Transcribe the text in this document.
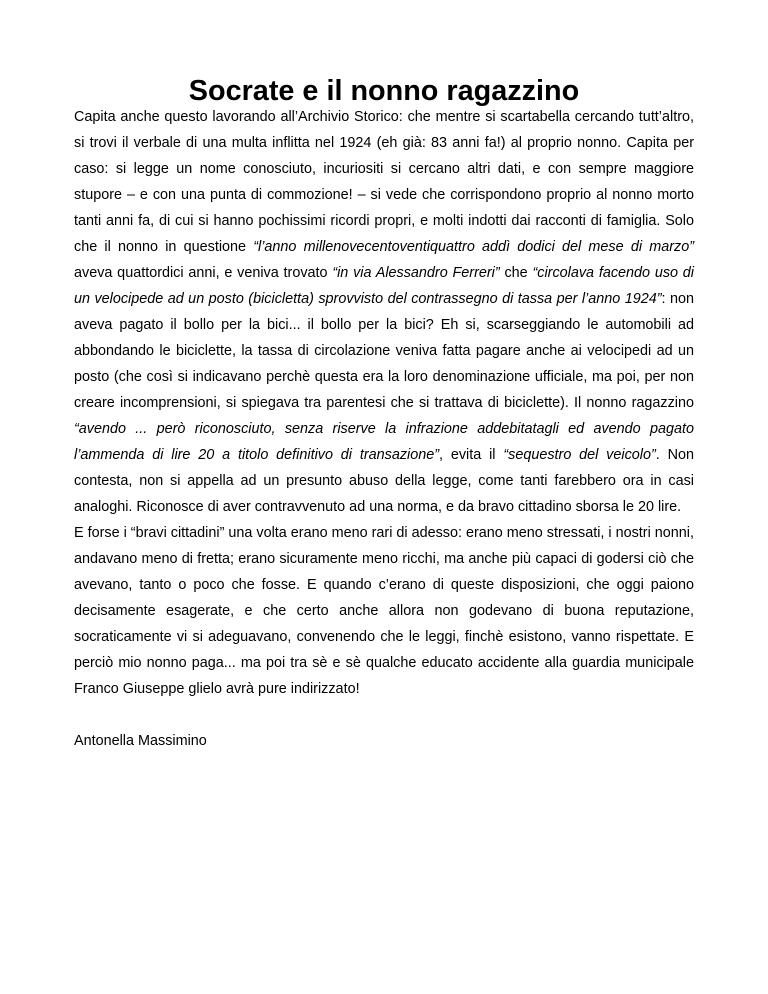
Socrate e il nonno ragazzino

Capita anche questo lavorando all’Archivio Storico: che mentre si scartabella cercando tutt’altro, si trovi il verbale di una multa inflitta nel 1924 (eh già: 83 anni fa!) al proprio nonno. Capita per caso: si legge un nome conosciuto, incuriositi si cercano altri dati, e con sempre maggiore stupore – e con una punta di commozione! – si vede che corrispondono proprio al nonno morto tanti anni fa, di cui si hanno pochissimi ricordi propri, e molti indotti dai racconti di famiglia. Solo che il nonno in questione “l’anno millenovecentoventiquattro addì dodici del mese di marzo” aveva quattordici anni, e veniva trovato “in via Alessandro Ferreri” che “circolava facendo uso di un velocipede ad un posto (bicicletta) sprovvisto del contrassegno di tassa per l’anno 1924”: non aveva pagato il bollo per la bici... il bollo per la bici? Eh si, scarseggiando le automobili ad abbondando le biciclette, la tassa di circolazione veniva fatta pagare anche ai velocipedi ad un posto (che così si indicavano perchè questa era la loro denominazione ufficiale, ma poi, per non creare incomprensioni, si spiegava tra parentesi che si trattava di biciclette). Il nonno ragazzino “avendo ... però riconosciuto, senza riserve la infrazione addebitatagli ed avendo pagato l’ammenda di lire 20 a titolo definitivo di transazione”, evita il “sequestro del veicolo”. Non contesta, non si appella ad un presunto abuso della legge, come tanti farebbero ora in casi analoghi. Riconosce di aver contravvenuto ad una norma, e da bravo cittadino sborsa le 20 lire.

E forse i “bravi cittadini” una volta erano meno rari di adesso: erano meno stressati, i nostri nonni, andavano meno di fretta; erano sicuramente meno ricchi, ma anche più capaci di godersi ciò che avevano, tanto o poco che fosse. E quando c’erano di queste disposizioni, che oggi paiono decisamente esagerate, e che certo anche allora non godevano di buona reputazione, socraticamente vi si adeguavano, convenendo che le leggi, finchè esistono, vanno rispettate. E perciò mio nonno paga... ma poi tra sè e sè qualche educato accidente alla guardia municipale Franco Giuseppe glielo avrà pure indirizzato!

Antonella Massimino
